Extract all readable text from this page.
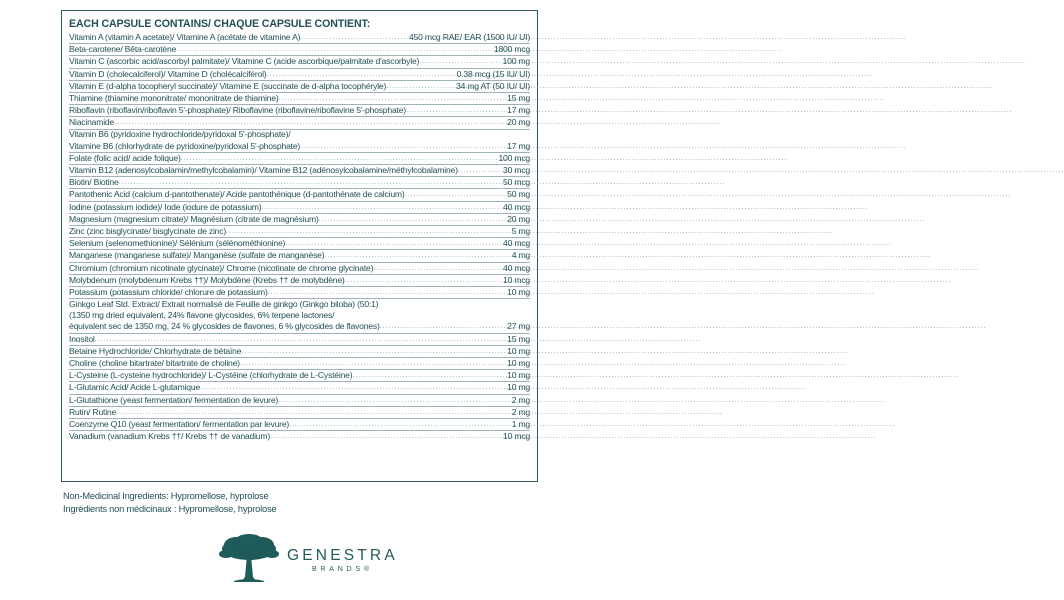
EACH CAPSULE CONTAINS/ CHAQUE CAPSULE CONTIENT:
Vitamin A (vitamin A acetate)/ Vitamine A (acétate de vitamine A) .....	450 mcg RAE/ EAR (1500 IU/ UI)
Beta-carotene/ Bêta-carotène .....	1800 mcg
Vitamin C (ascorbic acid/ascorbyl palmitate)/ Vitamine C (acide ascorbique/palmitate d'ascorbyle) .....	100 mg
Vitamin D (cholecalciferol)/ Vitamine D (cholécalciférol) .....	0.38 mcg (15 IU/ UI)
Vitamin E (d-alpha tocopheryl succinate)/ Vitamine E (succinate de d-alpha tocophéryle) .....	34 mg AT (50 IU/ UI)
Thiamine (thiamine mononitrate/ mononitrate de thiamine) .....	15 mg
Riboflavin (riboflavin/riboflavin 5'-phosphate)/ Riboflavine (riboflavine/riboflavine 5'-phosphate) .....	17 mg
Niacinamide .....	20 mg
Vitamin B6 (pyridoxine hydrochloride/pyridoxal 5'-phosphate)/
Vitamine B6 (chlorhydrate de pyridoxine/pyridoxal 5'-phosphate) .....	17 mg
Folate (folic acid/ acide folique) .....	100 mcg
Vitamin B12 (adenosylcobalamin/methylcobalamin)/ Vitamine B12 (adénosylcobalamine/méthylcobalamine) .....	30 mcg
Biotin/ Biotine .....	50 mcg
Pantothenic Acid (calcium d-pantothenate)/ Acide pantothénique (d-pantothénate de calcium) .....	50 mg
Iodine (potassium iodide)/ Iode (iodure de potassium) .....	40 mcg
Magnesium (magnesium citrate)/ Magnésium (citrate de magnésium) .....	20 mg
Zinc (zinc bisglycinate/ bisglycinate de zinc) .....	5 mg
Selenium (selenomethionine)/ Sélénium (sélénométhionine) .....	40 mcg
Manganese (manganese sulfate)/ Manganèse (sulfate de manganèse) .....	4 mg
Chromium (chromium nicotinate glycinate)/ Chrome (nicotinate de chrome glycinate) .....	40 mcg
Molybdenum (molybdenum Krebs ††)/ Molybdène (Krebs †† de molybdène) .....	10 mcg
Potassium (potassium chloride/ chlorure de potassium) .....	10 mg
Ginkgo Leaf Std. Extract/ Extrait normalisé de Feuille de ginkgo (Ginkgo biloba) (50:1)
(1350 mg dried equivalent, 24% flavone glycosides, 6% terpene lactones/
équivalent sec de 1350 mg, 24 % glycosides de flavones, 6 % glycosides de flavones) .....	27 mg
Inositol .....	15 mg
Betaine Hydrochloride/ Chlorhydrate de bétaïne .....	10 mg
Choline (choline bitartrate/ bitartrate de choline) .....	10 mg
L-Cysteine (L-cysteine hydrochloride)/ L-Cystéine (chlorhydrate de L-Cystéine) .....	10 mg
L-Glutamic Acid/ Acide L-glutamique .....	10 mg
L-Glutathione (yeast fermentation/ fermentation de levure) .....	2 mg
Rutin/ Rutine .....	2 mg
Coenzyme Q10 (yeast fermentation/ fermentation par levure) .....	1 mg
Vanadium (vanadium Krebs ††/ Krebs †† de vanadium) .....	10 mcg
Non-Medicinal Ingredients: Hypromellose, hyprolose
Ingrédients non médicinaux : Hypromellose, hyprolose
GENESTRA
BRANDS®
